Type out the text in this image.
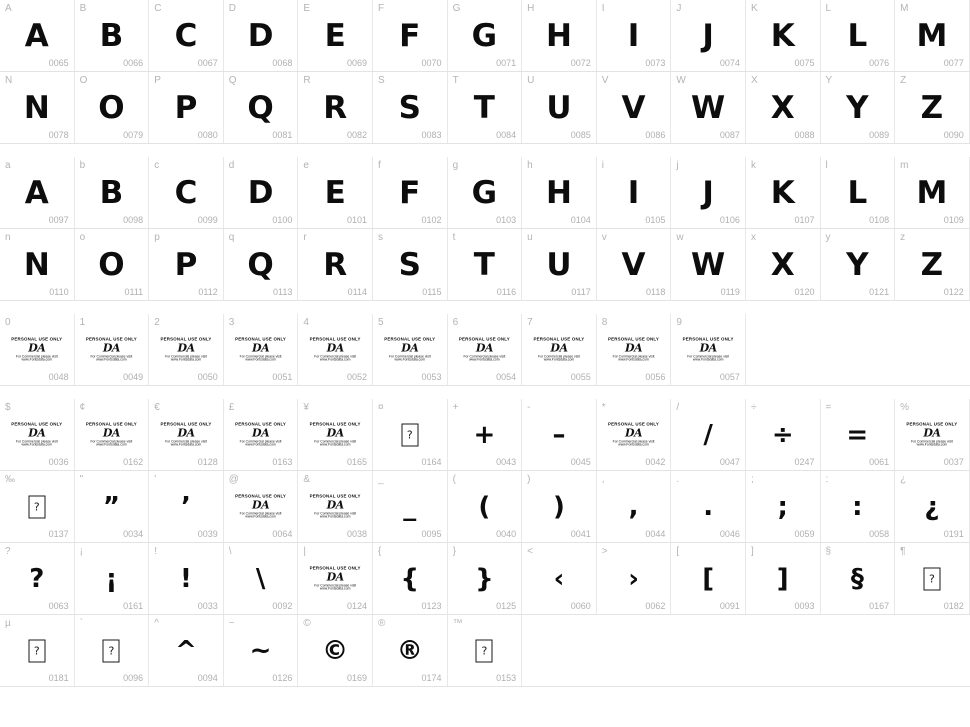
A
A
0065
B
B
0066
C
C
0067
D
D
0068
E
E
0069
F
F
0070
G
G
0071
H
H
0072
I
I
0073
J
J
0074
K
K
0075
L
L
0076
M
M
0077
N
N
0078
O
O
0079
P
P
0080
Q
Q
0081
R
R
0082
S
S
0083
T
T
0084
U
U
0085
V
V
0086
W
W
0087
X
X
0088
Y
Y
0089
Z
Z
0090
a
A
0097
b
B
0098
c
C
0099
d
D
0100
e
E
0101
f
F
0102
g
G
0103
h
H
0104
i
I
0105
j
J
0106
k
K
0107
l
L
0108
m
M
0109
n
N
0110
o
O
0111
p
P
0112
q
Q
0113
r
R
0114
s
S
0115
t
T
0116
u
U
0117
v
V
0118
w
W
0119
x
X
0120
y
Y
0121
z
Z
0122
0
PERSONAL USE ONLY
DA
For Commercial please visit
www.Fontsdata.com
0048
1
PERSONAL USE ONLY
DA
For Commercial please visit
www.Fontsdata.com
0049
2
PERSONAL USE ONLY
DA
For Commercial please visit
www.Fontsdata.com
0050
3
PERSONAL USE ONLY
DA
For Commercial please visit
www.Fontsdata.com
0051
4
PERSONAL USE ONLY
DA
For Commercial please visit
www.Fontsdata.com
0052
5
PERSONAL USE ONLY
DA
For Commercial please visit
www.Fontsdata.com
0053
6
PERSONAL USE ONLY
DA
For Commercial please visit
www.Fontsdata.com
0054
7
PERSONAL USE ONLY
DA
For Commercial please visit
www.Fontsdata.com
0055
8
PERSONAL USE ONLY
DA
For Commercial please visit
www.Fontsdata.com
0056
9
PERSONAL USE ONLY
DA
For Commercial please visit
www.Fontsdata.com
0057
$
PERSONAL USE ONLY
DA
For Commercial please visit
www.Fontsdata.com
0036
¢
PERSONAL USE ONLY
DA
For Commercial please visit
www.Fontsdata.com
0162
€
PERSONAL USE ONLY
DA
For Commercial please visit
www.Fontsdata.com
0128
£
PERSONAL USE ONLY
DA
For Commercial please visit
www.Fontsdata.com
0163
¥
PERSONAL USE ONLY
DA
For Commercial please visit
www.Fontsdata.com
0165
¤
?
0164
+
+
0043
-
–
0045
*
PERSONAL USE ONLY
DA
For Commercial please visit
www.Fontsdata.com
0042
/
/
0047
÷
÷
0247
=
=
0061
%
PERSONAL USE ONLY
DA
For Commercial please visit
www.Fontsdata.com
0037
‰
?
0137
"
”
0034
'
’
0039
@
PERSONAL USE ONLY
DA
For Commercial please visit
www.Fontsdata.com
0064
&
PERSONAL USE ONLY
DA
For Commercial please visit
www.Fontsdata.com
0038
_
_
0095
(
(
0040
)
)
0041
,
,
0044
.
.
0046
;
;
0059
:
:
0058
¿
¿
0191
?
?
0063
¡
¡
0161
!
!
0033
\
\
0092
|
PERSONAL USE ONLY
DA
For Commercial please visit
www.Fontsdata.com
0124
{
{
0123
}
}
0125
<
‹
0060
>
›
0062
[
[
0091
]
]
0093
§
§
0167
¶
?
0182
µ
?
0181
`
?
0096
^
^
0094
~
~
0126
©
©
0169
®
®
0174
™
?
0153
